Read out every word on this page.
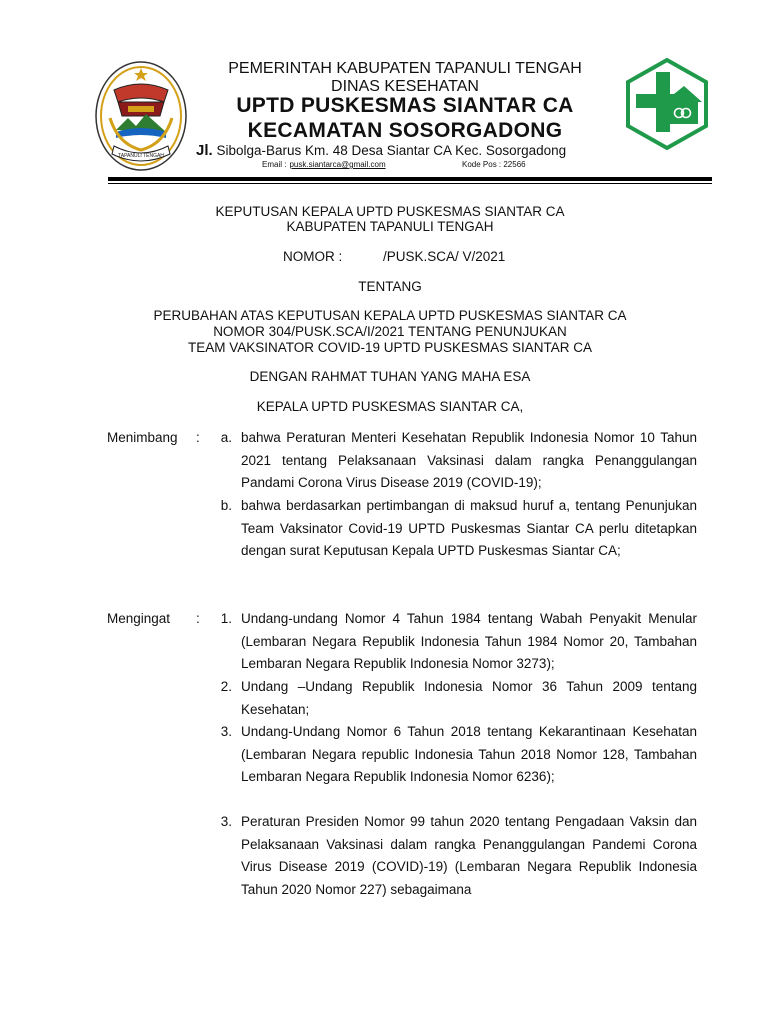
TAPANULI TENGAH
PEMERINTAH KABUPATEN TAPANULI TENGAH
DINAS KESEHATAN
UPTD PUSKESMAS SIANTAR CA
KECAMATAN SOSORGADONG
Jl. Sibolga-Barus Km. 48 Desa Siantar CA Kec. Sosorgadong
Email : pusk.siantarca@gmail.com	Kode Pos : 22566
KEPUTUSAN KEPALA UPTD PUSKESMAS SIANTAR CA
KABUPATEN TAPANULI TENGAH
NOMOR :	/PUSK.SCA/ V/2021
TENTANG
PERUBAHAN ATAS KEPUTUSAN KEPALA UPTD PUSKESMAS SIANTAR CA
NOMOR 304/PUSK.SCA/I/2021 TENTANG PENUNJUKAN
TEAM VAKSINATOR COVID-19 UPTD PUSKESMAS SIANTAR CA
DENGAN RAHMAT TUHAN YANG MAHA ESA
KEPALA UPTD PUSKESMAS SIANTAR CA,
Menimbang :	a. bahwa Peraturan Menteri Kesehatan Republik Indonesia Nomor 10 Tahun 2021 tentang Pelaksanaan Vaksinasi dalam rangka Penanggulangan Pandami Corona Virus Disease 2019 (COVID-19);
b. bahwa berdasarkan pertimbangan di maksud huruf a, tentang Penunjukan Team Vaksinator Covid-19 UPTD Puskesmas Siantar CA perlu ditetapkan dengan surat Keputusan Kepala UPTD Puskesmas Siantar CA;
Mengingat :	1. Undang-undang Nomor 4 Tahun 1984 tentang Wabah Penyakit Menular (Lembaran Negara Republik Indonesia Tahun 1984 Nomor 20, Tambahan Lembaran Negara Republik Indonesia Nomor 3273);
2. Undang –Undang Republik Indonesia Nomor 36 Tahun 2009 tentang Kesehatan;
3. Undang-Undang Nomor 6 Tahun 2018 tentang Kekarantinaan Kesehatan (Lembaran Negara republic Indonesia Tahun 2018 Nomor 128, Tambahan Lembaran Negara Republik Indonesia Nomor 6236);
3. Peraturan Presiden Nomor 99 tahun 2020 tentang Pengadaan Vaksin dan Pelaksanaan Vaksinasi dalam rangka Penanggulangan Pandemi Corona Virus Disease 2019 (COVID)-19) (Lembaran Negara Republik Indonesia Tahun 2020 Nomor 227) sebagaimana
